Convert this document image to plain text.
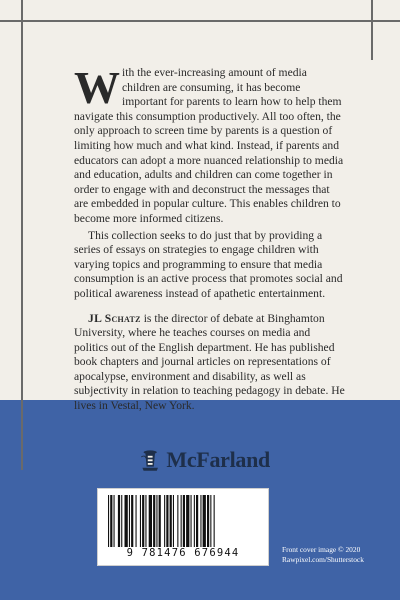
With the ever-increasing amount of media children are consuming, it has become important for parents to learn how to help them navigate this consumption productively. All too often, the only approach to screen time by parents is a question of limiting how much and what kind. Instead, if parents and educators can adopt a more nuanced relationship to media and education, adults and children can come together in order to engage with and deconstruct the messages that are embedded in popular culture. This enables children to become more informed citizens.

This collection seeks to do just that by providing a series of essays on strategies to engage children with varying topics and programming to ensure that media consumption is an active process that promotes social and political awareness instead of apathetic entertainment.

JL Schatz is the director of debate at Binghamton University, where he teaches courses on media and politics out of the English department. He has published book chapters and journal articles on representations of apocalypse, environment and disability, as well as subjectivity in relation to teaching pedagogy in debate. He lives in Vestal, New York.

McFarland
9 781476 676944	Front cover image © 2020
Rawpixel.com/Shutterstock
